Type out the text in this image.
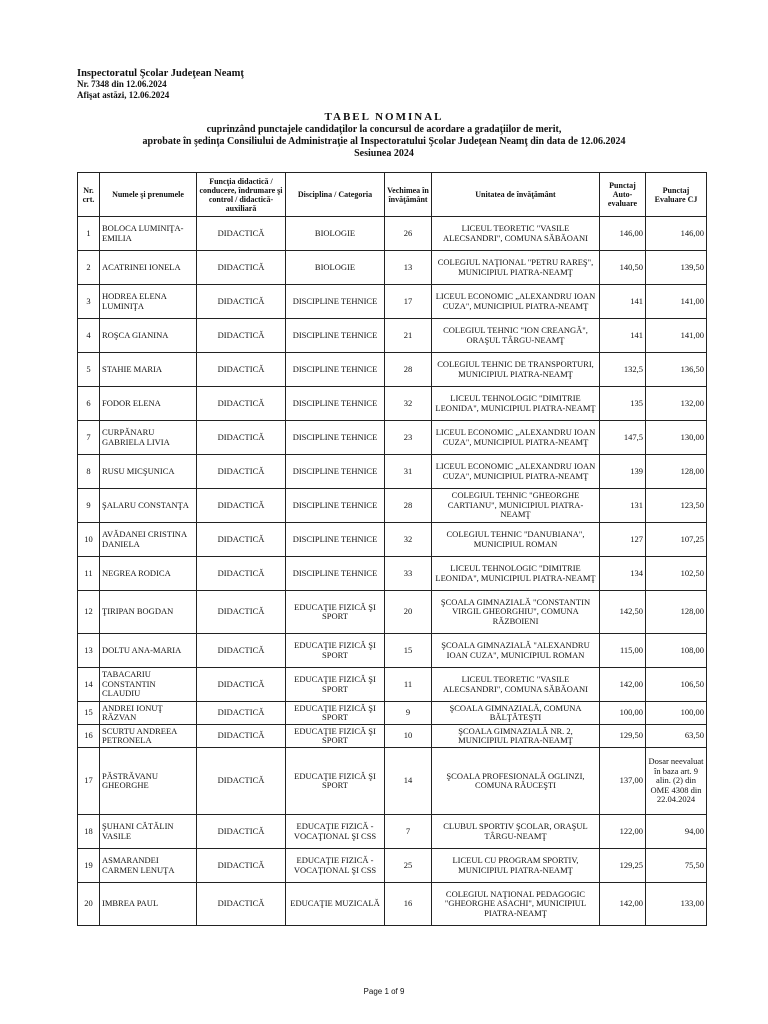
Inspectoratul Şcolar Judeţean Neamţ
Nr. 7348 din 12.06.2024
Afişat astăzi, 12.06.2024
TABEL NOMINAL
cuprinzând punctajele candidaţilor la concursul de acordare a gradaţiilor de merit,
aprobate în şedinţa Consiliului de Administraţie al Inspectoratului Şcolar Judeţean Neamţ din data de 12.06.2024
Sesiunea 2024
Nr. crt.	Numele şi prenumele	Funcţia didactică / conducere, îndrumare şi control / didactică-auxiliară	Disciplina / Categoria	Vechimea în învăţământ	Unitatea de învăţământ	Punctaj Auto-evaluare	Punctaj Evaluare CJ
1	BOLOCA LUMINIŢA-EMILIA	DIDACTICĂ	BIOLOGIE	26	LICEUL TEORETIC "VASILE ALECSANDRI", COMUNA SĂBĂOANI	146,00	146,00
2	ACATRINEI IONELA	DIDACTICĂ	BIOLOGIE	13	COLEGIUL NAŢIONAL "PETRU RAREŞ", MUNICIPIUL PIATRA-NEAMŢ	140,50	139,50
3	HODREA ELENA LUMINIŢA	DIDACTICĂ	DISCIPLINE TEHNICE	17	LICEUL ECONOMIC „ALEXANDRU IOAN CUZA", MUNICIPIUL PIATRA-NEAMŢ	141	141,00
4	ROŞCA GIANINA	DIDACTICĂ	DISCIPLINE TEHNICE	21	COLEGIUL TEHNIC "ION CREANGĂ", ORAŞUL TÂRGU-NEAMŢ	141	141,00
5	STAHIE MARIA	DIDACTICĂ	DISCIPLINE TEHNICE	28	COLEGIUL TEHNIC DE TRANSPORTURI, MUNICIPIUL PIATRA-NEAMŢ	132,5	136,50
6	FODOR ELENA	DIDACTICĂ	DISCIPLINE TEHNICE	32	LICEUL TEHNOLOGIC "DIMITRIE LEONIDA", MUNICIPIUL PIATRA-NEAMŢ	135	132,00
7	CURPĂNARU GABRIELA LIVIA	DIDACTICĂ	DISCIPLINE TEHNICE	23	LICEUL ECONOMIC „ALEXANDRU IOAN CUZA", MUNICIPIUL PIATRA-NEAMŢ	147,5	130,00
8	RUSU MICŞUNICA	DIDACTICĂ	DISCIPLINE TEHNICE	31	LICEUL ECONOMIC „ALEXANDRU IOAN CUZA", MUNICIPIUL PIATRA-NEAMŢ	139	128,00
9	ŞALARU CONSTANŢA	DIDACTICĂ	DISCIPLINE TEHNICE	28	COLEGIUL TEHNIC "GHEORGHE CARTIANU", MUNICIPIUL PIATRA-NEAMŢ	131	123,50
10	AVĂDANEI CRISTINA DANIELA	DIDACTICĂ	DISCIPLINE TEHNICE	32	COLEGIUL TEHNIC "DANUBIANA", MUNICIPIUL ROMAN	127	107,25
11	NEGREA RODICA	DIDACTICĂ	DISCIPLINE TEHNICE	33	LICEUL TEHNOLOGIC "DIMITRIE LEONIDA", MUNICIPIUL PIATRA-NEAMŢ	134	102,50
12	ŢIRIPAN BOGDAN	DIDACTICĂ	EDUCAŢIE FIZICĂ ŞI SPORT	20	ŞCOALA GIMNAZIALĂ "CONSTANTIN VIRGIL GHEORGHIU", COMUNA RĂZBOIENI	142,50	128,00
13	DOLTU ANA-MARIA	DIDACTICĂ	EDUCAŢIE FIZICĂ ŞI SPORT	15	ŞCOALA GIMNAZIALĂ "ALEXANDRU IOAN CUZA", MUNICIPIUL ROMAN	115,00	108,00
14	TABACARIU CONSTANTIN CLAUDIU	DIDACTICĂ	EDUCAŢIE FIZICĂ ŞI SPORT	11	LICEUL TEORETIC "VASILE ALECSANDRI", COMUNA SĂBĂOANI	142,00	106,50
15	ANDREI IONUŢ RĂZVAN	DIDACTICĂ	EDUCAŢIE FIZICĂ ŞI SPORT	9	ŞCOALA GIMNAZIALĂ, COMUNA BĂLŢĂTEŞTI	100,00	100,00
16	SCURTU ANDREEA PETRONELA	DIDACTICĂ	EDUCAŢIE FIZICĂ ŞI SPORT	10	ŞCOALA GIMNAZIALĂ NR. 2, MUNICIPIUL PIATRA-NEAMŢ	129,50	63,50
17	PĂSTRĂVANU GHEORGHE	DIDACTICĂ	EDUCAŢIE FIZICĂ ŞI SPORT	14	ŞCOALA PROFESIONALĂ OGLINZI, COMUNA RĂUCEŞTI	137,00	Dosar neevaluat în baza art. 9 alin. (2) din OME 4308 din 22.04.2024
18	ŞUHANI CĂTĂLIN VASILE	DIDACTICĂ	EDUCAŢIE FIZICĂ - VOCAŢIONAL ŞI CSS	7	CLUBUL SPORTIV ŞCOLAR, ORAŞUL TÂRGU-NEAMŢ	122,00	94,00
19	ASMARANDEI CARMEN LENUŢA	DIDACTICĂ	EDUCAŢIE FIZICĂ - VOCAŢIONAL ŞI CSS	25	LICEUL CU PROGRAM SPORTIV, MUNICIPIUL PIATRA-NEAMŢ	129,25	75,50
20	IMBREA PAUL	DIDACTICĂ	EDUCAŢIE MUZICALĂ	16	COLEGIUL NAŢIONAL PEDAGOGIC "GHEORGHE ASACHI", MUNICIPIUL PIATRA-NEAMŢ	142,00	133,00
Page 1 of 9
